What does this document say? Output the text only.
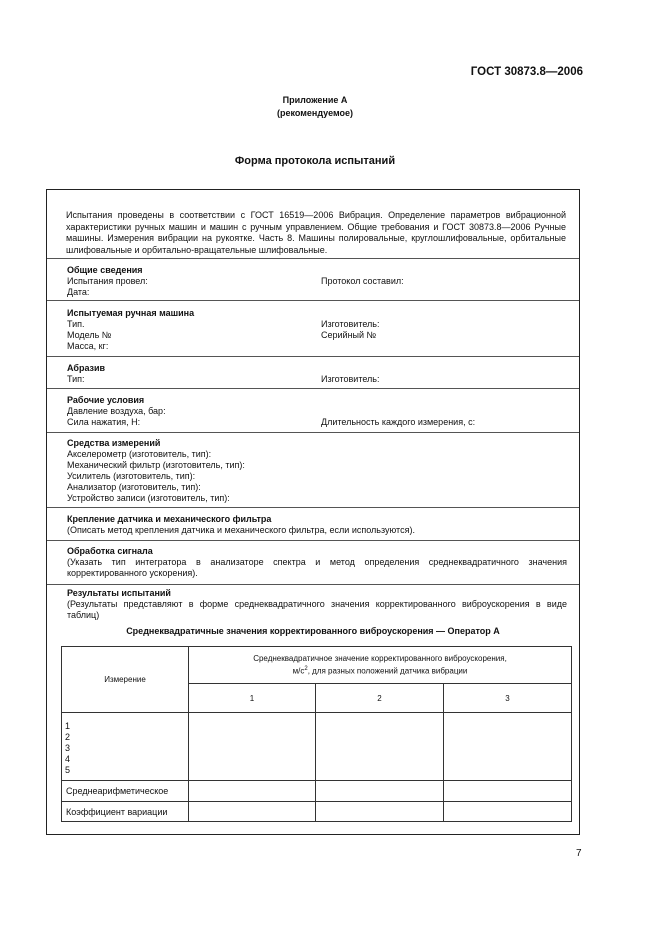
ГОСТ 30873.8—2006
Приложение А
(рекомендуемое)
Форма протокола испытаний
Испытания проведены в соответствии с ГОСТ 16519—2006 Вибрация. Определение параметров вибрационной характеристики ручных машин и машин с ручным управлением. Общие требования и ГОСТ 30873.8—2006 Ручные машины. Измерения вибрации на рукоятке. Часть 8. Машины полировальные, круглошлифовальные, орбитальные шлифовальные и орбитально-вращательные шлифовальные.
Общие сведения
Испытания провел:	Протокол составил:
Дата:
Испытуемая ручная машина
Тип.	Изготовитель:
Модель №	Серийный №
Масса, кг:
Абразив
Тип:	Изготовитель:
Рабочие условия
Давление воздуха, бар:
Сила нажатия, Н:	Длительность каждого измерения, с:
Средства измерений
Акселерометр (изготовитель, тип):
Механический фильтр (изготовитель, тип):
Усилитель (изготовитель, тип):
Анализатор (изготовитель, тип):
Устройство записи (изготовитель, тип):
Крепление датчика и механического фильтра
(Описать метод крепления датчика и механического фильтра, если используются).
Обработка сигнала
(Указать тип интегратора в анализаторе спектра и метод определения среднеквадратичного значения корректированного ускорения).
Результаты испытаний
(Результаты представляют в форме среднеквадратичного значения корректированного виброускорения в виде таблиц)
Среднеквадратичные значения корректированного виброускорения — Оператор А
Измерение	Среднеквадратичное значение корректированного виброускорения,
$м/с^2$, для разных положений датчика вибрации		

	1	2	3

1
2
3
4
5			

Среднеарифметическое			
Коэффициент вариации			
7
